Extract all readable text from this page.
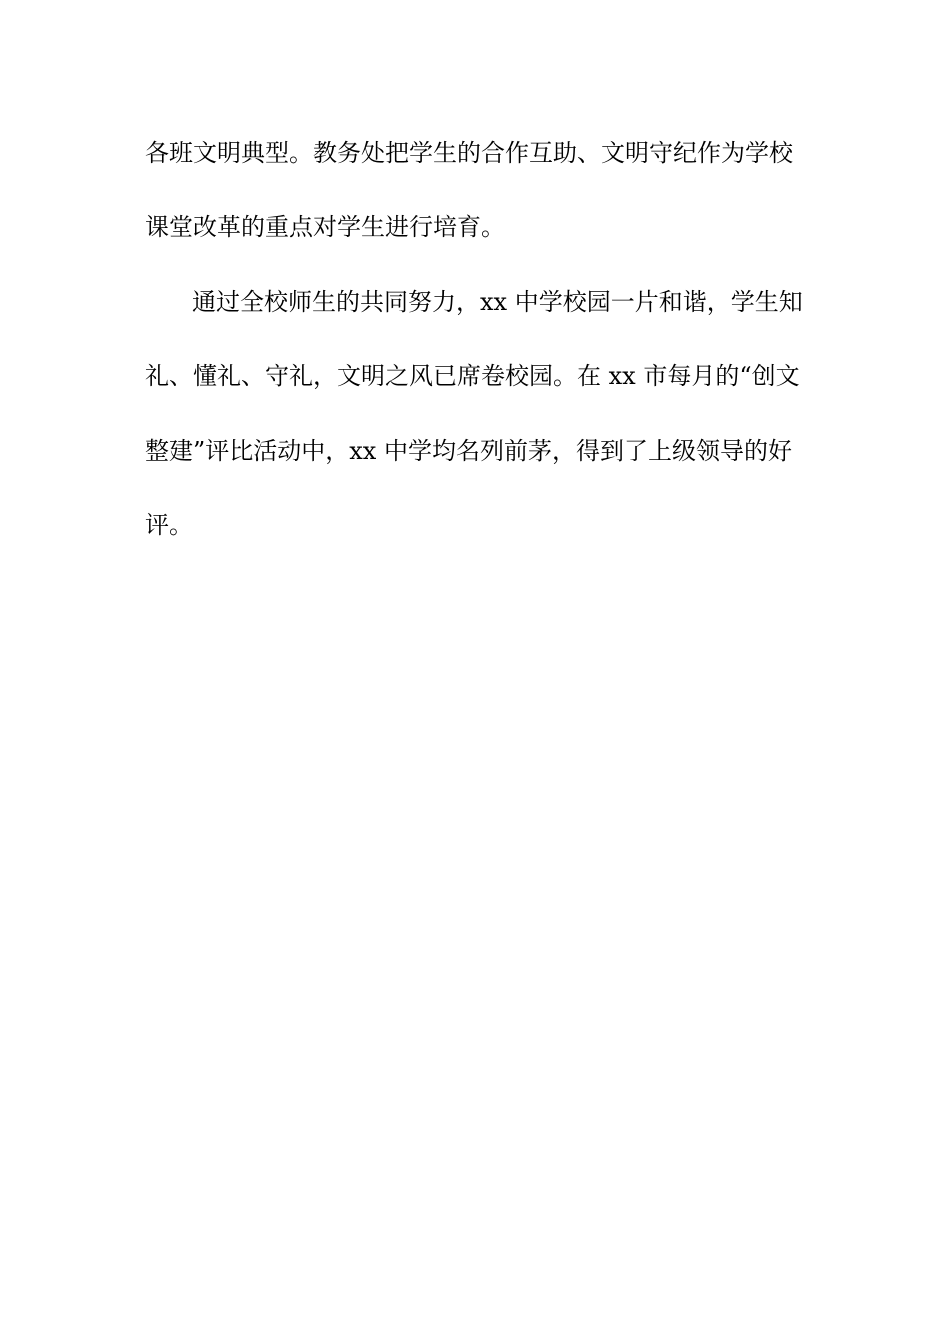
各班文明典型。教务处把学生的合作互助、文明守纪作为学校
课堂改革的重点对学生进行培育。
通过全校师生的共同努力，xx 中学校园一片和谐，学生知
礼、懂礼、守礼，文明之风已席卷校园。在 xx 市每月的“创文
整建”评比活动中，xx 中学均名列前茅，得到了上级领导的好
评。
